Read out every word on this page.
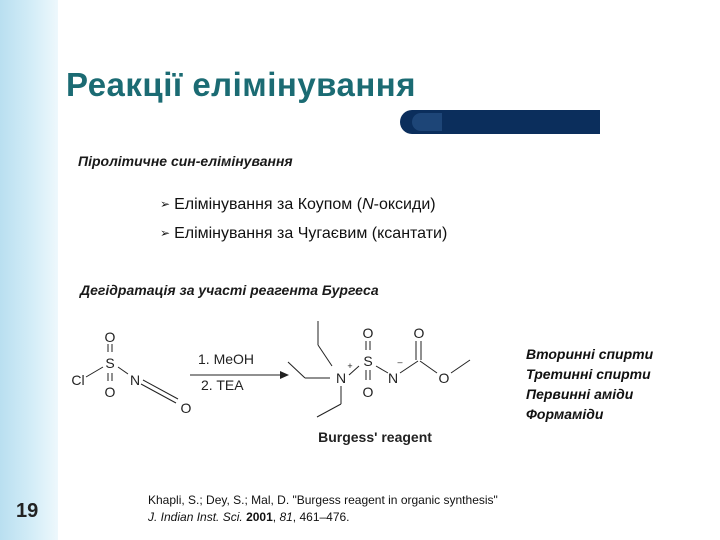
Реакції елімінування
Піролітичне син-елімінування
➢ Елімінування за Коупом (N-оксиди)
➢ Елімінування за Чугаєвим (ксантати)
Дегідратація за участі реагента Бургеса
O
S
O
Cl	N
O
O
S
O
N	N
O
O
+	–
1. MeOH
2. TEA
Burgess' reagent
Вторинні спирти
Третинні спирти
Первинні аміди
Формаміди
Khapli, S.; Dey, S.; Mal, D. "Burgess reagent in organic synthesis"
J. Indian Inst. Sci. 2001, 81, 461–476.
19
